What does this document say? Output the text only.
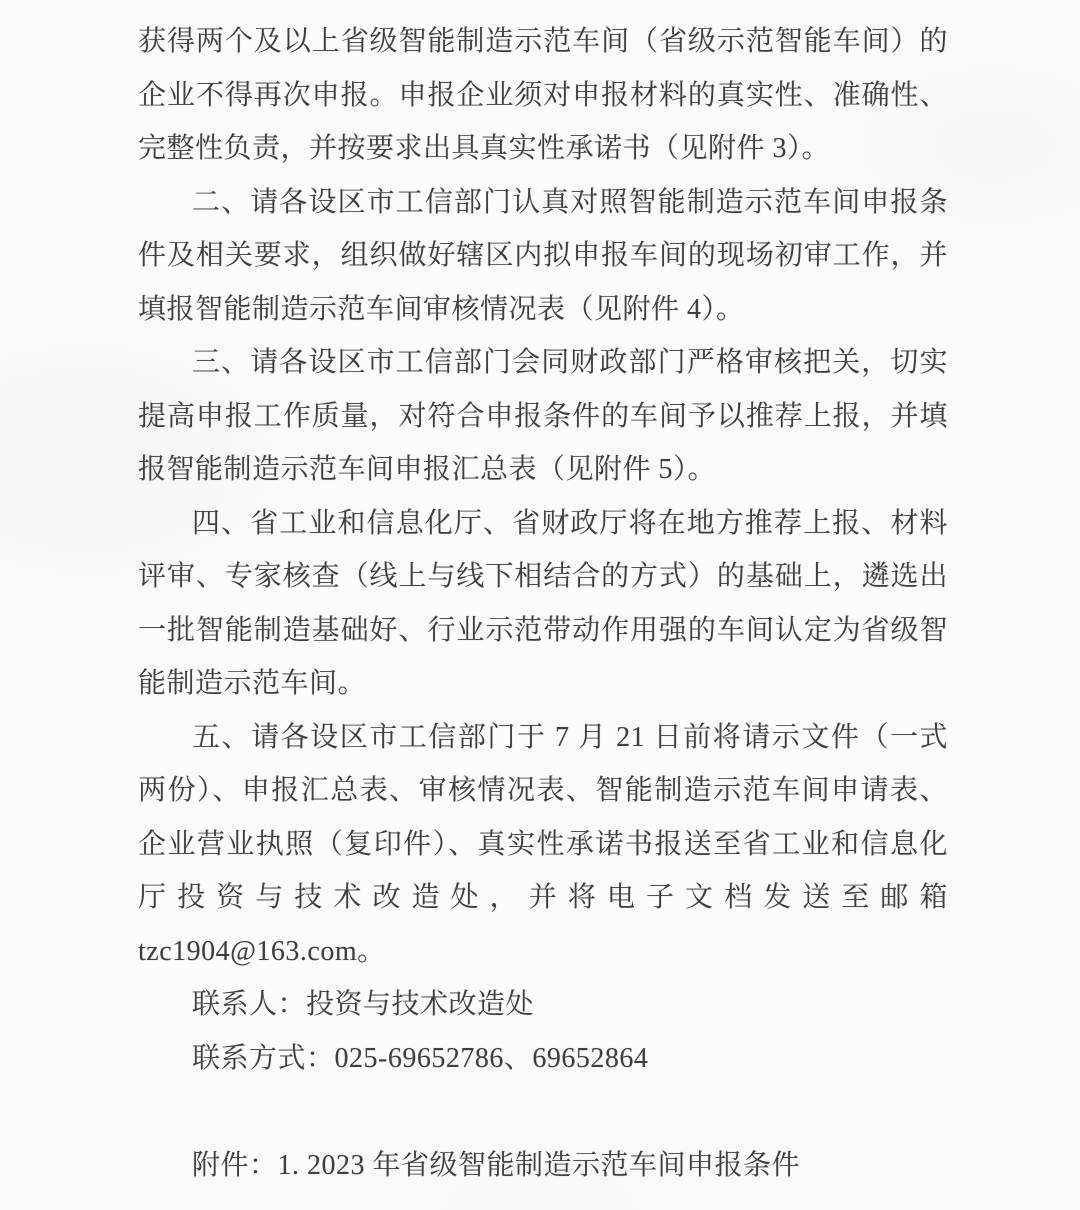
获得两个及以上省级智能制造示范车间（省级示范智能车间）的
企业不得再次申报。申报企业须对申报材料的真实性、准确性、
完整性负责，并按要求出具真实性承诺书（见附件 3）。
二、请各设区市工信部门认真对照智能制造示范车间申报条
件及相关要求，组织做好辖区内拟申报车间的现场初审工作，并
填报智能制造示范车间审核情况表（见附件 4）。
三、请各设区市工信部门会同财政部门严格审核把关，切实
提高申报工作质量，对符合申报条件的车间予以推荐上报，并填
报智能制造示范车间申报汇总表（见附件 5）。
四、省工业和信息化厅、省财政厅将在地方推荐上报、材料
评审、专家核查（线上与线下相结合的方式）的基础上，遴选出
一批智能制造基础好、行业示范带动作用强的车间认定为省级智
能制造示范车间。
五、请各设区市工信部门于 7 月 21 日前将请示文件（一式
两份）、申报汇总表、审核情况表、智能制造示范车间申请表、
企业营业执照（复印件）、真实性承诺书报送至省工业和信息化
厅投资与技术改造处，并将电子文档发送至邮箱
tzc1904@163.com。
联系人：投资与技术改造处
联系方式：025-69652786、69652864
附件：1. 2023 年省级智能制造示范车间申报条件
